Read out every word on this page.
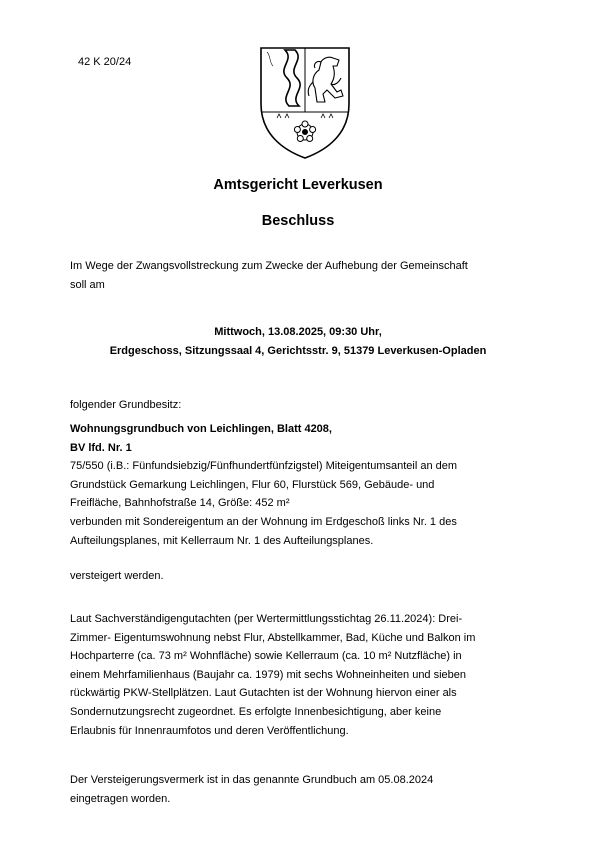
42 K 20/24
Amtsgericht Leverkusen
Beschluss
Im Wege der Zwangsvollstreckung zum Zwecke der Aufhebung der Gemeinschaft
soll am
Mittwoch, 13.08.2025, 09:30 Uhr,
Erdgeschoss, Sitzungssaal 4, Gerichtsstr. 9, 51379 Leverkusen-Opladen
folgender Grundbesitz:
Wohnungsgrundbuch von Leichlingen, Blatt 4208,
BV lfd. Nr. 1
75/550 (i.B.: Fünfundsiebzig/Fünfhundertfünfzigstel) Miteigentumsanteil an dem
Grundstück Gemarkung Leichlingen, Flur 60, Flurstück 569, Gebäude- und
Freifläche, Bahnhofstraße 14, Größe: 452 m²
verbunden mit Sondereigentum an der Wohnung im Erdgeschoß links Nr. 1 des
Aufteilungsplanes, mit Kellerraum Nr. 1 des Aufteilungsplanes.
versteigert werden.
Laut Sachverständigengutachten (per Wertermittlungsstichtag 26.11.2024): Drei-
Zimmer- Eigentumswohnung nebst Flur, Abstellkammer, Bad, Küche und Balkon im
Hochparterre (ca. 73 m² Wohnfläche) sowie Kellerraum (ca. 10 m² Nutzfläche) in
einem Mehrfamilienhaus (Baujahr ca. 1979) mit sechs Wohneinheiten und sieben
rückwärtig PKW-Stellplätzen. Laut Gutachten ist der Wohnung hiervon einer als
Sondernutzungsrecht zugeordnet. Es erfolgte Innenbesichtigung, aber keine
Erlaubnis für Innenraumfotos und deren Veröffentlichung.
Der Versteigerungsvermerk ist in das genannte Grundbuch am 05.08.2024
eingetragen worden.
